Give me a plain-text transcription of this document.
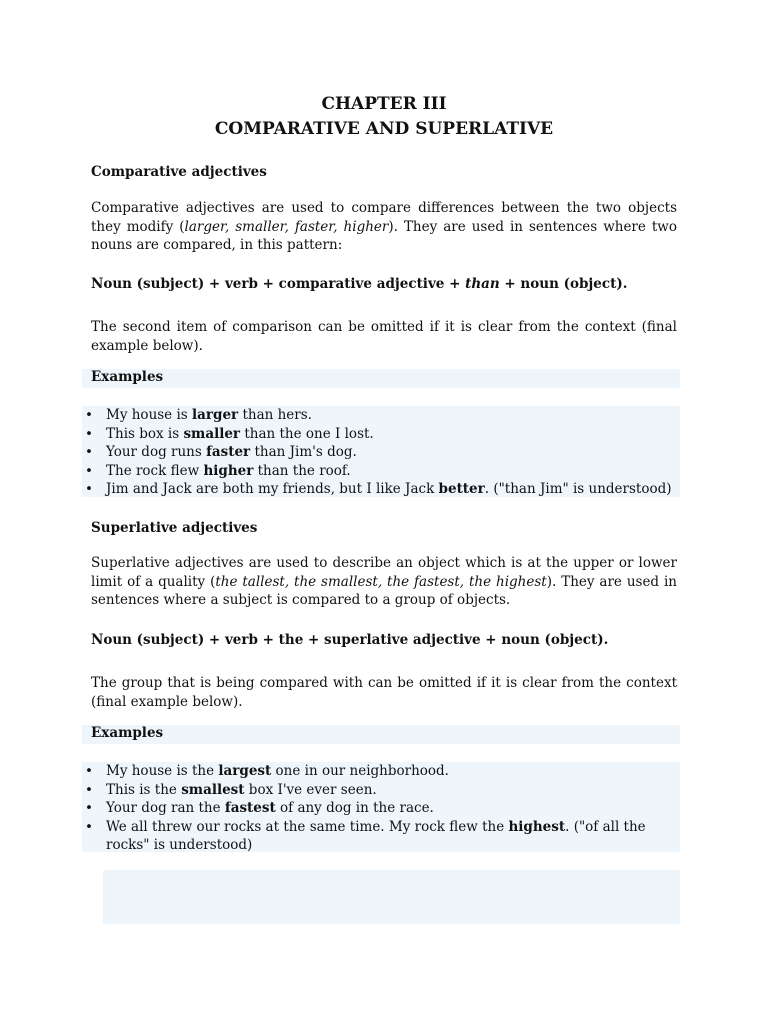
CHAPTER III
COMPARATIVE AND SUPERLATIVE
Comparative adjectives
Comparative adjectives are used to compare differences between the two objects they modify (larger, smaller, faster, higher). They are used in sentences where two nouns are compared, in this pattern:
Noun (subject) + verb + comparative adjective + than + noun (object).
The second item of comparison can be omitted if it is clear from the context (final example below).
Examples
• My house is larger than hers.
• This box is smaller than the one I lost.
• Your dog runs faster than Jim's dog.
• The rock flew higher than the roof.
• Jim and Jack are both my friends, but I like Jack better. ("than Jim" is understood)
Superlative adjectives
Superlative adjectives are used to describe an object which is at the upper or lower limit of a quality (the tallest, the smallest, the fastest, the highest). They are used in sentences where a subject is compared to a group of objects.
Noun (subject) + verb + the + superlative adjective + noun (object).
The group that is being compared with can be omitted if it is clear from the context (final example below).
Examples
• My house is the largest one in our neighborhood.
• This is the smallest box I've ever seen.
• Your dog ran the fastest of any dog in the race.
• We all threw our rocks at the same time. My rock flew the highest. ("of all the rocks" is understood)
